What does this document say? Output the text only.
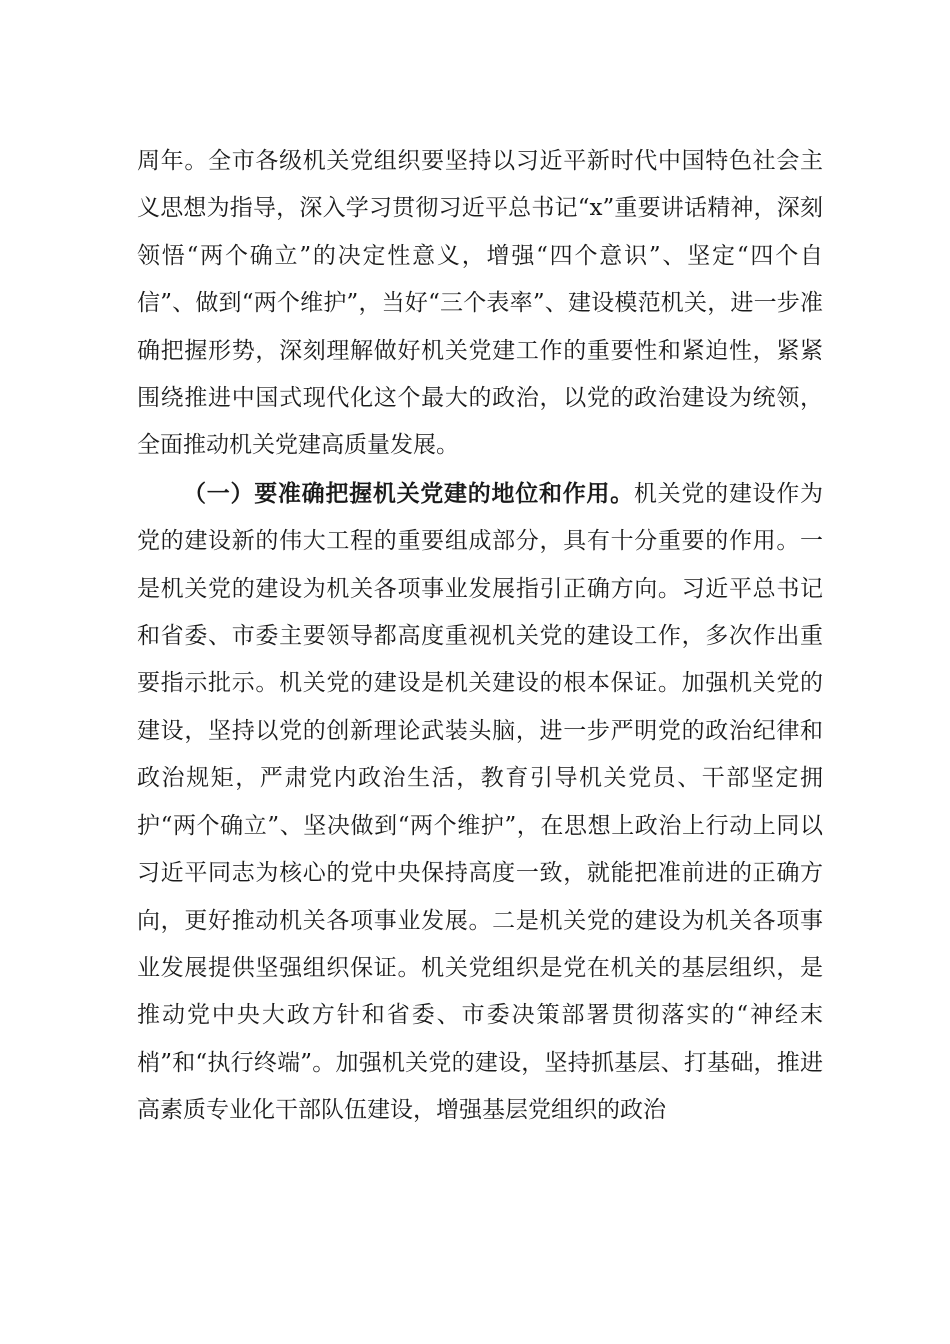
周年。全市各级机关党组织要坚持以习近平新时代中国特色社会主义思想为指导，深入学习贯彻习近平总书记“x”重要讲话精神，深刻领悟“两个确立”的决定性意义，增强“四个意识”、坚定“四个自信”、做到“两个维护”，当好“三个表率”、建设模范机关，进一步准确把握形势，深刻理解做好机关党建工作的重要性和紧迫性，紧紧围绕推进中国式现代化这个最大的政治，以党的政治建设为统领，全面推动机关党建高质量发展。

（一）要准确把握机关党建的地位和作用。机关党的建设作为党的建设新的伟大工程的重要组成部分，具有十分重要的作用。一是机关党的建设为机关各项事业发展指引正确方向。习近平总书记和省委、市委主要领导都高度重视机关党的建设工作，多次作出重要指示批示。机关党的建设是机关建设的根本保证。加强机关党的建设，坚持以党的创新理论武装头脑，进一步严明党的政治纪律和政治规矩，严肃党内政治生活，教育引导机关党员、干部坚定拥护“两个确立”、坚决做到“两个维护”，在思想上政治上行动上同以习近平同志为核心的党中央保持高度一致，就能把准前进的正确方向，更好推动机关各项事业发展。二是机关党的建设为机关各项事业发展提供坚强组织保证。机关党组织是党在机关的基层组织，是推动党中央大政方针和省委、市委决策部署贯彻落实的“神经末梢”和“执行终端”。加强机关党的建设，坚持抓基层、打基础，推进高素质专业化干部队伍建设，增强基层党组织的政治
